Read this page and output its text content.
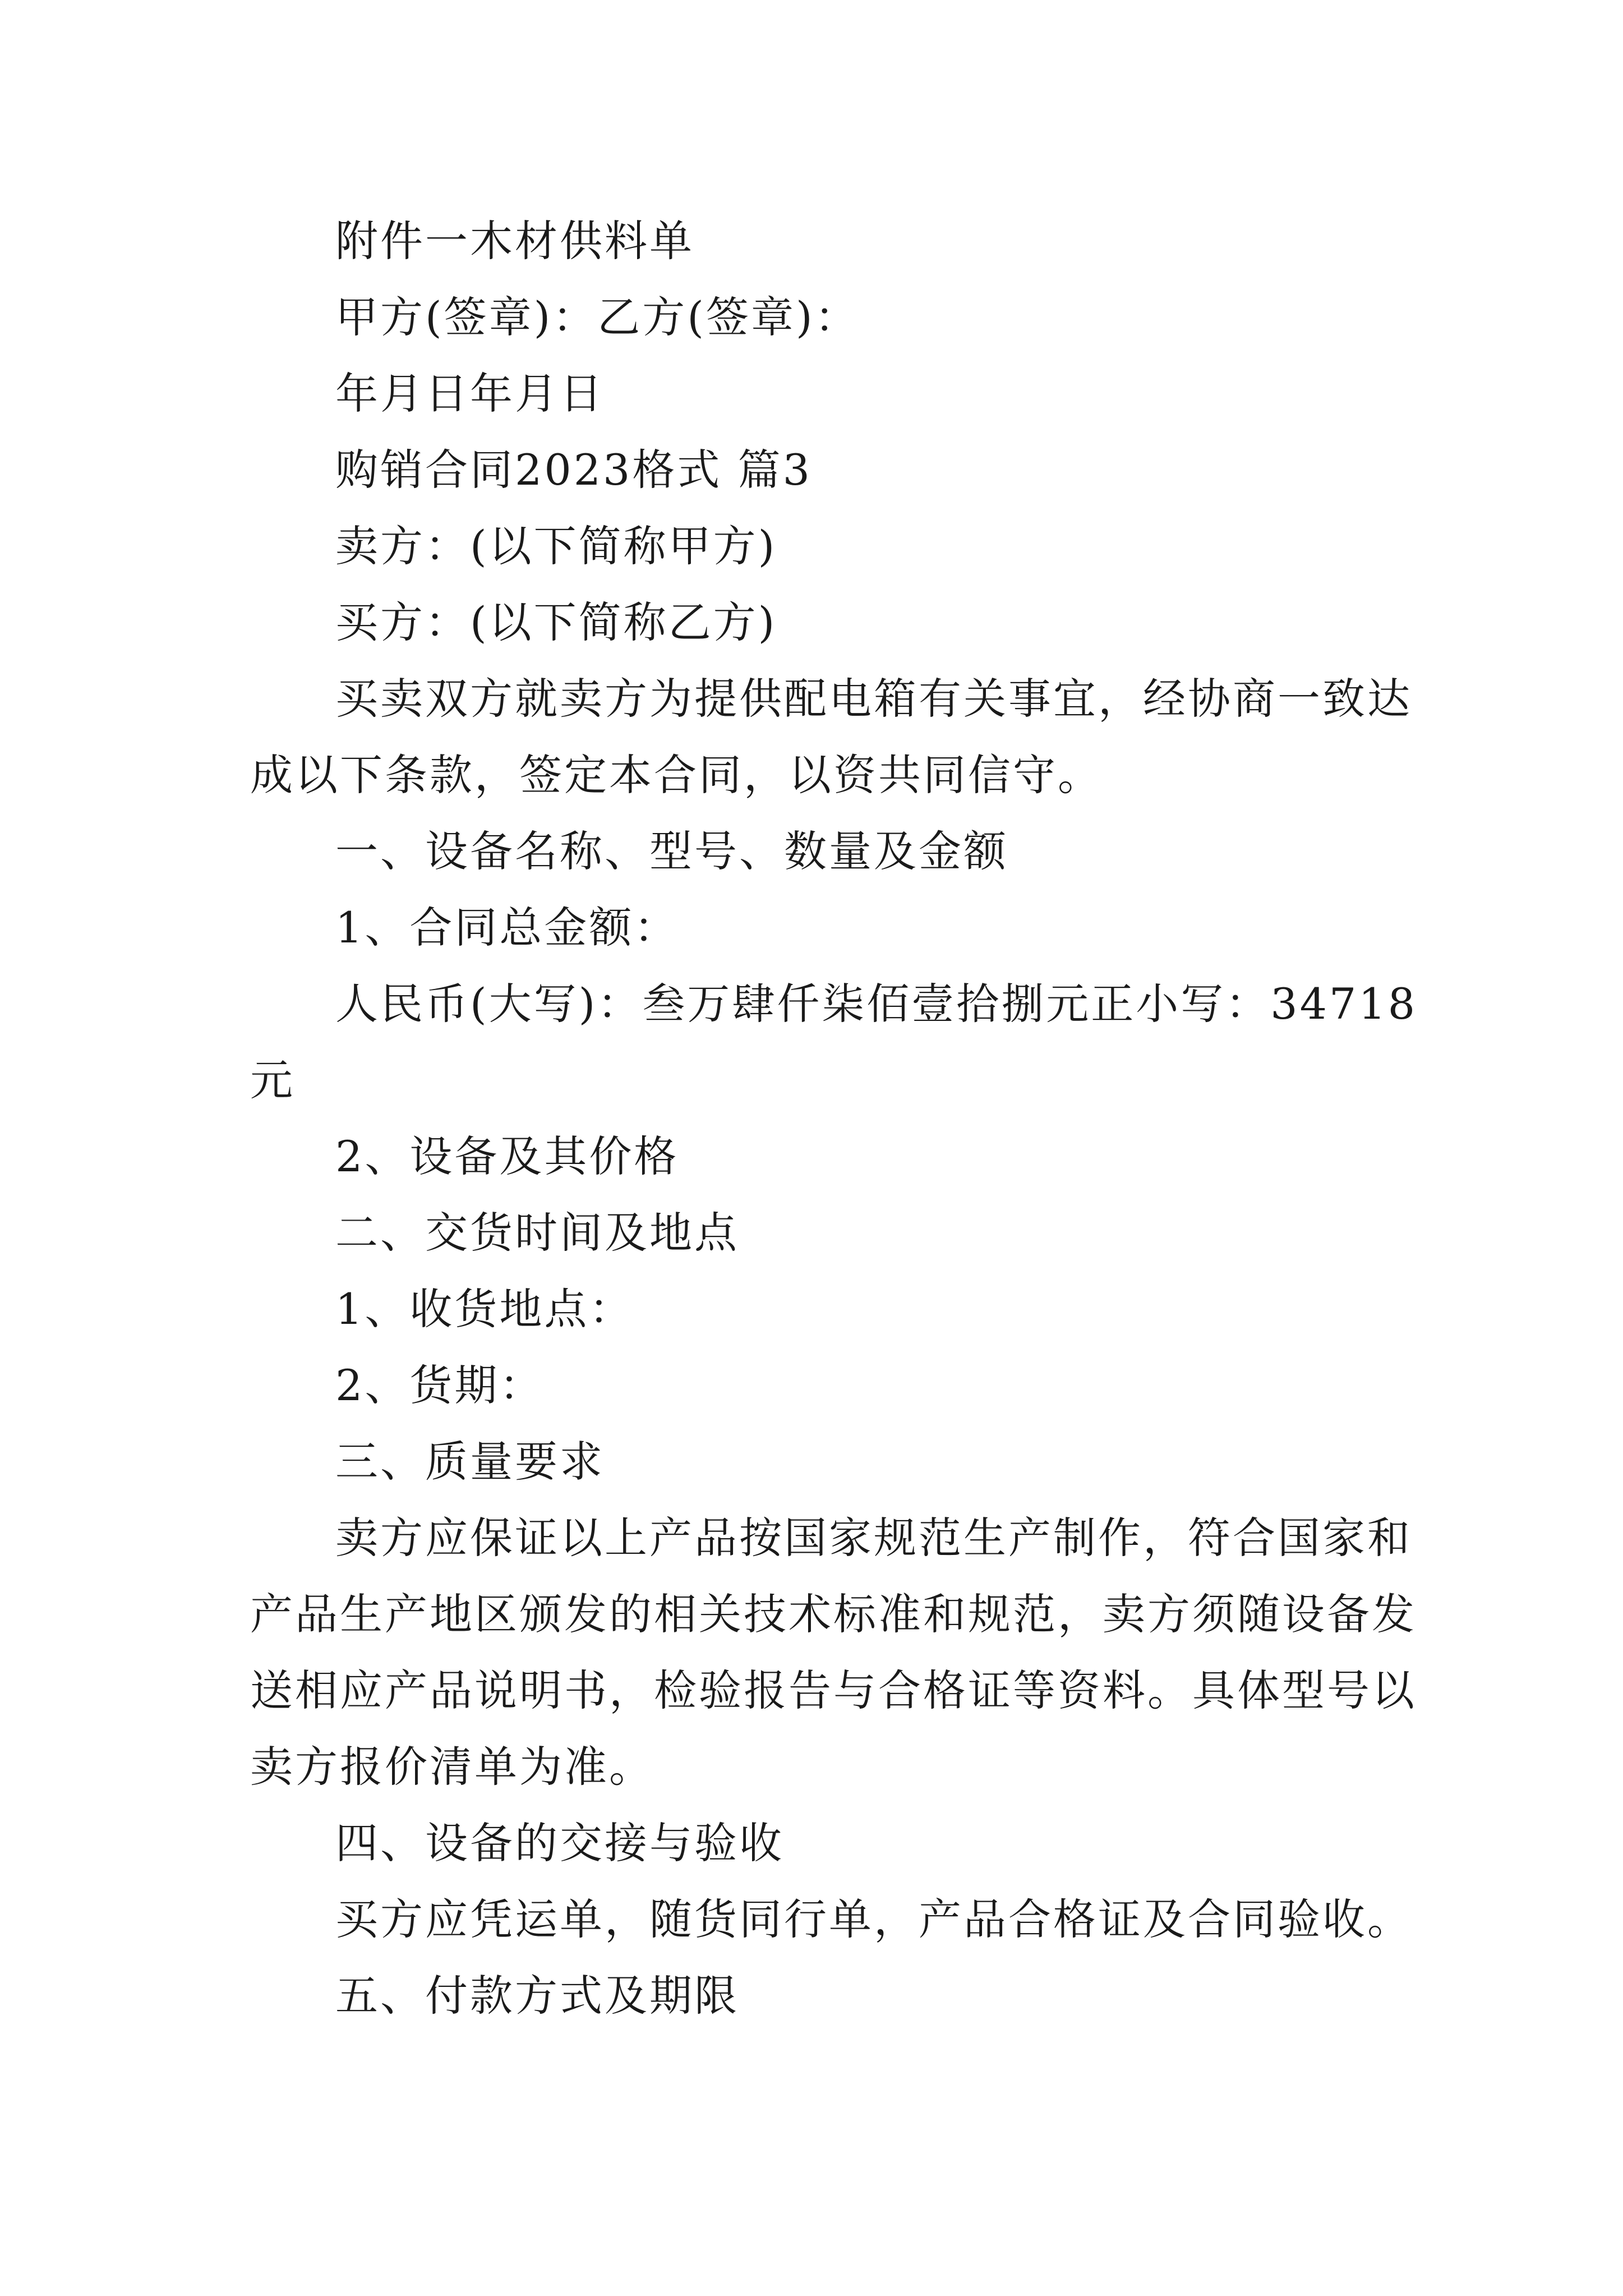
附件一木材供料单

甲方(签章)：乙方(签章)：

年月日年月日

购销合同2023格式 篇3

卖方：(以下简称甲方)

买方：(以下简称乙方)

买卖双方就卖方为提供配电箱有关事宜，经协商一致达

成以下条款，签定本合同，以资共同信守。

一、设备名称、型号、数量及金额

1、合同总金额：

人民币(大写)：叁万肆仟柒佰壹拾捌元正小写：34718

元

2、设备及其价格

二、交货时间及地点

1、收货地点：

2、货期：

三、质量要求

卖方应保证以上产品按国家规范生产制作，符合国家和

产品生产地区颁发的相关技术标准和规范，卖方须随设备发

送相应产品说明书，检验报告与合格证等资料。具体型号以

卖方报价清单为准。

四、设备的交接与验收

买方应凭运单，随货同行单，产品合格证及合同验收。

五、付款方式及期限
